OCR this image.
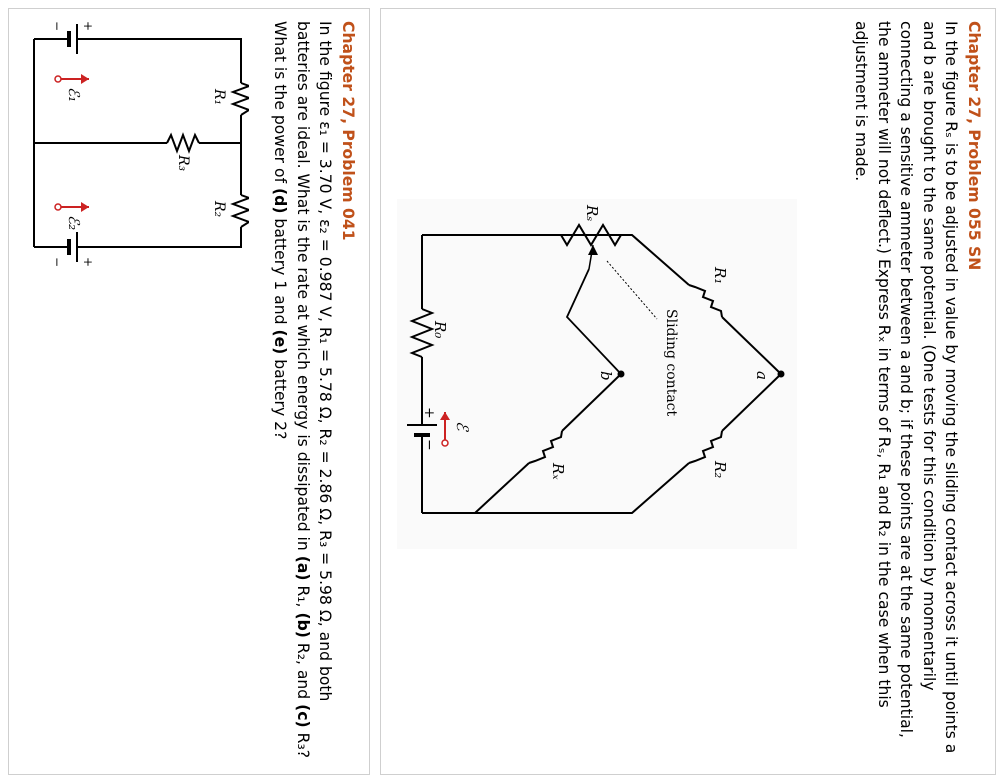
Chapter 27, Problem 055 SN
In the figure Rₛ is to be adjusted in value by moving the sliding contact across it until points a and b are brought to the same potential. (One tests for this condition by momentarily connecting a sensitive ammeter between a and b; if these points are at the same potential, the ammeter will not deflect.) Express Rₓ in terms of Rₛ, R₁ and R₂ in the case when this adjustment is made.
a
b
R₁
R₂
Rₓ
Rₛ
R₀	Sliding contact
ℰ
+
−
Chapter 27, Problem 041
In the figure ε₁ = 3.70 V, ε₂ = 0.987 V, R₁ = 5.78 Ω, R₂ = 2.86 Ω, R₃ = 5.98 Ω, and both batteries are ideal. What is the rate at which energy is dissipated in (a) R₁, (b) R₂, and (c) R₃? What is the power of (d) battery 1 and (e) battery 2?
R₁
R₂
R₃
ℰ₁
ℰ₂
+
−
+
−
